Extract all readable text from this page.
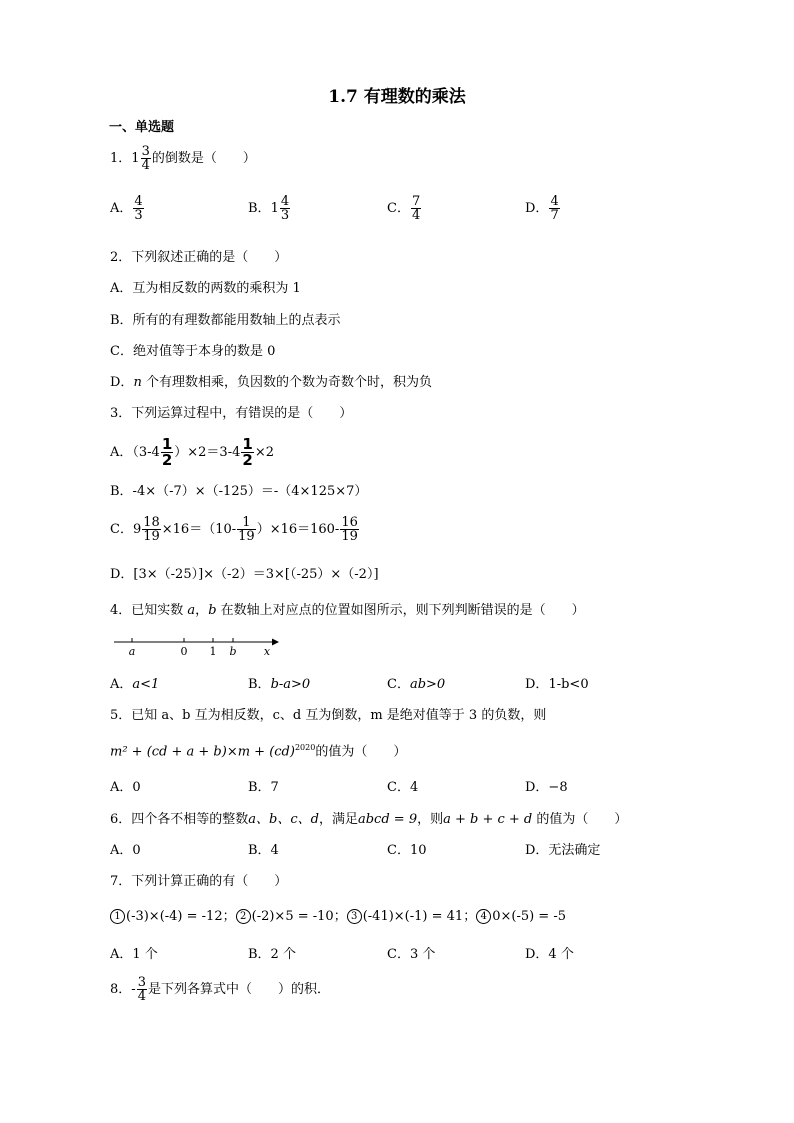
1.7 有理数的乘法
一、单选题
1．$1 \frac{3}{4}$ 的倒数是（　　）
A． $\frac{4}{3}$	B．$1 \frac{4}{3}$	C． $\frac{7}{4}$	D． $\frac{4}{7}$
2．下列叙述正确的是（　　）
A．互为相反数的两数的乘积为 1
B．所有的有理数都能用数轴上的点表示
C．绝对值等于本身的数是 0
D．n 个有理数相乘，负因数的个数为奇数个时，积为负
3．下列运算过程中，有错误的是（　　）
A．$(3-4 \frac{1}{2} )\times 2=3-4 \frac{1}{2} \times 2$
B．-4×（-7）×（-125）＝-（4×125×7）
C．$9 \frac{18}{19} \times 16=(10- \frac{1}{19} )\times 16=160- \frac{16}{19}$
D．[3×（-25）]×（-2）＝3×[（-25）×（-2）]
4．已知实数 a，b 在数轴上对应点的位置如图所示，则下列判断错误的是（　　）
a	0 1 b x
A．a<1	B．b-a>0	C．ab>0	D．1-b<0
5．已知 a、b 互为相反数，c、d 互为倒数，m 是绝对值等于 3 的负数，则
m² + (cd + a + b)×m + (cd)$^{2020}$的值为（　　）
A．0	B．7	C．4	D．−8
6．四个各不相等的整数a、b、c、d，满足abcd = 9，则a + b + c + d 的值为（　　）
A．0	B．4	C．10	D．无法确定
7．下列计算正确的有（　　）
1 (-3)×(-4) = -12； 2 (-2)×5 = -10； 3 (-41)×(-1) = 41； 4 0×(-5) = -5
A．1 个	B．2 个	C．3 个	D．4 个
8．- $\frac{3}{4}$ 是下列各算式中（　　）的积．
